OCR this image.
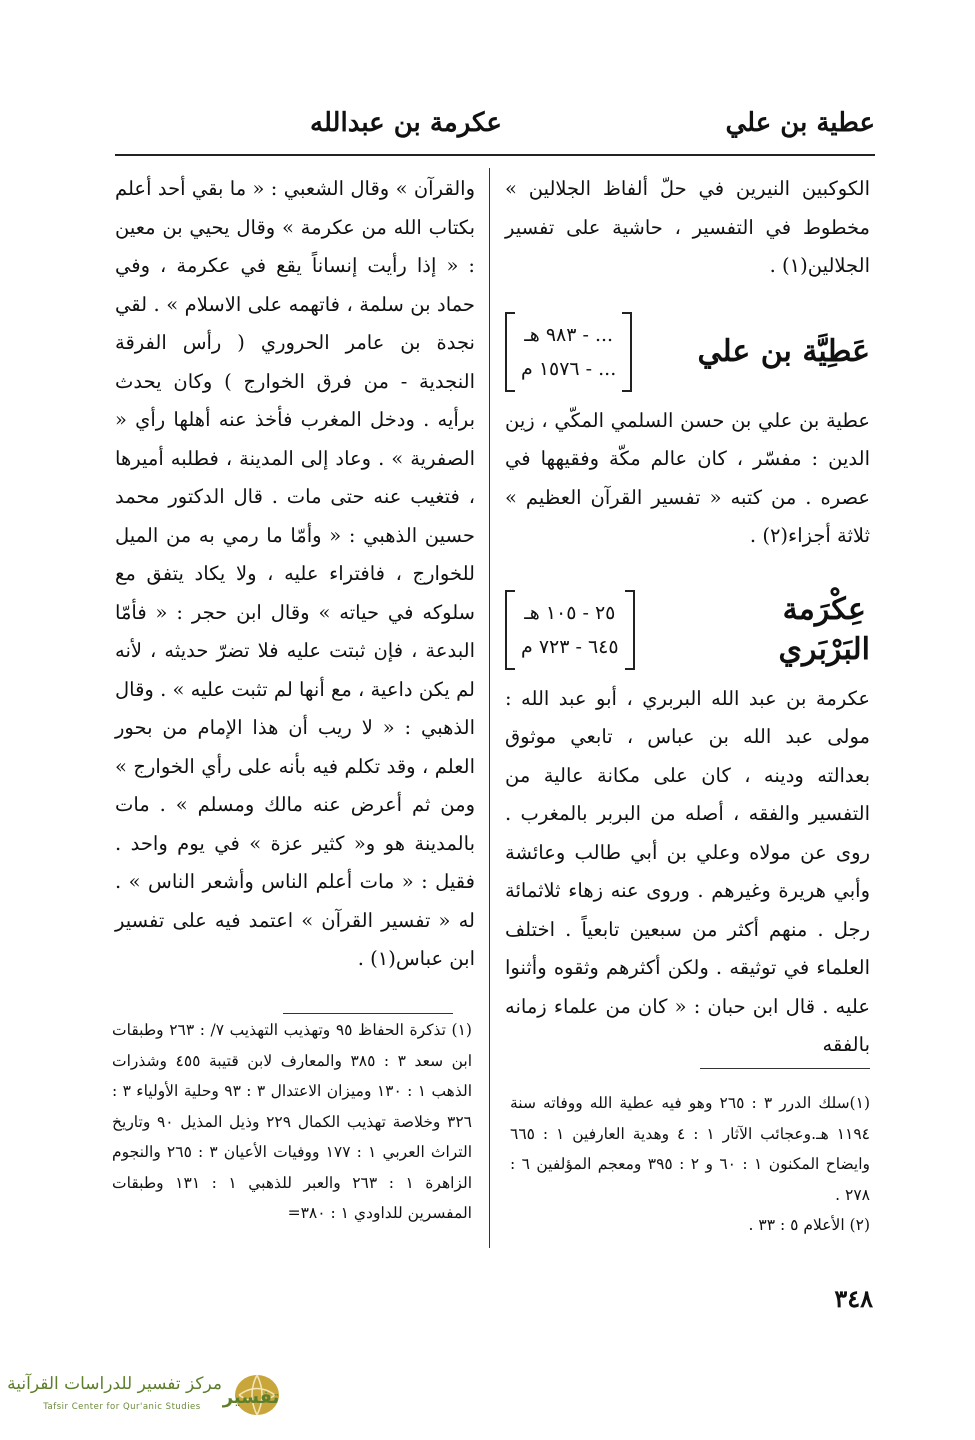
عطية بن علي
عكرمة بن عبدالله

الكوكبين النيرين في حلّ ألفاظ الجلالين » مخطوط في التفسير ، حاشية على تفسير الجلالين(١) .

عَطِيَّة بن علي
... - ٩٨٣ هـ
... - ١٥٧٦ م

عطية بن علي بن حسن السلمي المكّي ، زين الدين : مفسّر ، كان عالم مكّة وفقيهها في عصره . من كتبه « تفسير القرآن العظيم » ثلاثة أجزاء(٢) .

عِكْرَمة
البَرْبَري
٢٥ - ١٠٥ هـ
٦٤٥ - ٧٢٣ م

عكرمة بن عبد الله البربري ، أبو عبد الله : مولى عبد الله بن عباس ، تابعي موثوق بعدالته ودينه ، كان على مكانة عالية من التفسير والفقه ، أصله من البربر بالمغرب . روى عن مولاه وعلي بن أبي طالب وعائشة وأبي هريرة وغيرهم . وروى عنه زهاء ثلاثمائة رجل . منهم أكثر من سبعين تابعياً . اختلف العلماء في توثيقه . ولكن أكثرهم وثقوه وأثنوا عليه . قال ابن حبان : « كان من علماء زمانه بالفقه

والقرآن » وقال الشعبي : « ما بقي أحد أعلم بكتاب الله من عكرمة » وقال يحيي بن معين : « إذا رأيت إنساناً يقع في عكرمة ، وفي حماد بن سلمة ، فاتهمه على الاسلام » . لقي نجدة بن عامر الحروري ( رأس الفرقة النجدية - من فرق الخوارج ) وكان يحدث برأيه . ودخل المغرب فأخذ عنه أهلها رأي « الصفرية » . وعاد إلى المدينة ، فطلبه أميرها ، فتغيب عنه حتى مات . قال الدكتور محمد حسين الذهبي : « وأمّا ما رمي به من الميل للخوارج ، فافتراء عليه ، ولا يكاد يتفق مع سلوكه في حياته » وقال ابن حجر : « فأمّا البدعة ، فإن ثبتت عليه فلا تضرّ حديثه ، لأنه لم يكن داعية ، مع أنها لم تثبت عليه » . وقال الذهبي : « لا ريب أن هذا الإمام من بحور العلم ، وقد تكلم فيه بأنه على رأي الخوارج » ومن ثم أعرض عنه مالك ومسلم » . مات بالمدينة هو و« كثير عزة » في يوم واحد . فقيل : « مات أعلم الناس وأشعر الناس » . له « تفسير القرآن » اعتمد فيه على تفسير ابن عباس(١) .

(١)سلك الدرر ٣ : ٢٦٥ وهو فيه عطية الله ووفاته سنة ١١٩٤ هـ.وعجائب الآثار ١ : ٤ وهدية العارفين ١ : ٦٦٥ وايضاح المكنون ١ : ٦٠ و ٢ : ٣٩٥ ومعجم المؤلفين ٦ : ٢٧٨ .

(٢) الأعلام ٥ : ٣٣ .

(١) تذكرة الحفاظ ٩٥ وتهذيب التهذيب ٧/ : ٢٦٣ وطبقات ابن سعد ٣ : ٣٨٥ والمعارف لابن قتيبة ٤٥٥ وشذرات الذهب ١ : ١٣٠ وميزان الاعتدال ٣ : ٩٣ وحلية الأولياء ٣ : ٣٢٦ وخلاصة تهذيب الكمال ٢٢٩ وذيل المذيل ٩٠ وتاريخ التراث العربي ١ : ١٧٧ ووفيات الأعيان ٣ : ٢٦٥ والنجوم الزاهرة ١ : ٢٦٣ والعبر للذهبي ١ : ١٣١ وطبقات المفسرين للداودي ١ : ٣٨٠=

٣٤٨
تفسير
مركز تفسير للدراسات القرآنية
Tafsir Center for Qur'anic Studies
